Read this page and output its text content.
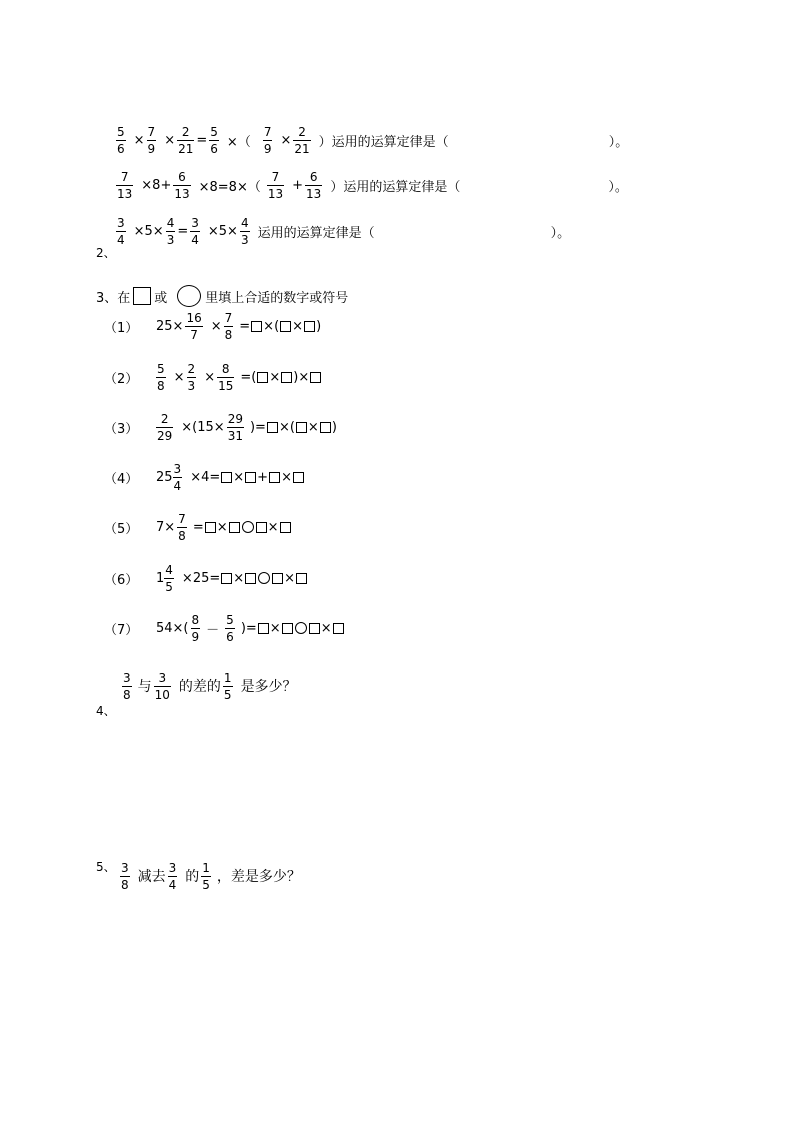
$\frac{5}{6} \times \frac{7}{9} \times \frac{2}{21} = \frac{5}{6}$ ×（ $\frac{7}{9} \times \frac{2}{21}$ ） 运用的运算定律是（	）。
$\frac{7}{13} \times 8+ \frac{6}{13} \times 8=8\times( \frac{7}{13} + \frac{6}{13}$ ） 运用的运算定律是（	）。
$\frac{3}{4} \times 5\times \frac{4}{3} = \frac{3}{4} \times 5\times \frac{4}{3}$ 运用的运算定律是（	）。
2、
3、在 或	里填上合适的数字或符号
（1）	$25\times \frac{16}{7} \times \frac{7}{8}$ = × ( × )
（2）	$\frac{5}{8} \times \frac{2}{3} \times \frac{8}{15}$ =( × ) ×
（3）	$\frac{2}{29} \times(15\times \frac{29}{31}$ )= × ( × )
（4）	$25 \frac{3}{4} \times 4=$ × + ×
（5）	$7\times \frac{7}{8}$ = ×	×
（6）	$1 \frac{4}{5} \times 25=$ ×	×
（7）	$54\times( \frac{8}{9} - \frac{5}{6}$ )= ×	×
$\frac{3}{8}$ 与 $\frac{3}{10}$ 的差的 $\frac{1}{5}$ 是多少？
4、
$\frac{3}{8}$ 减去 $\frac{3}{4}$ 的 $\frac{1}{5}$ ，差是多少？
5、
